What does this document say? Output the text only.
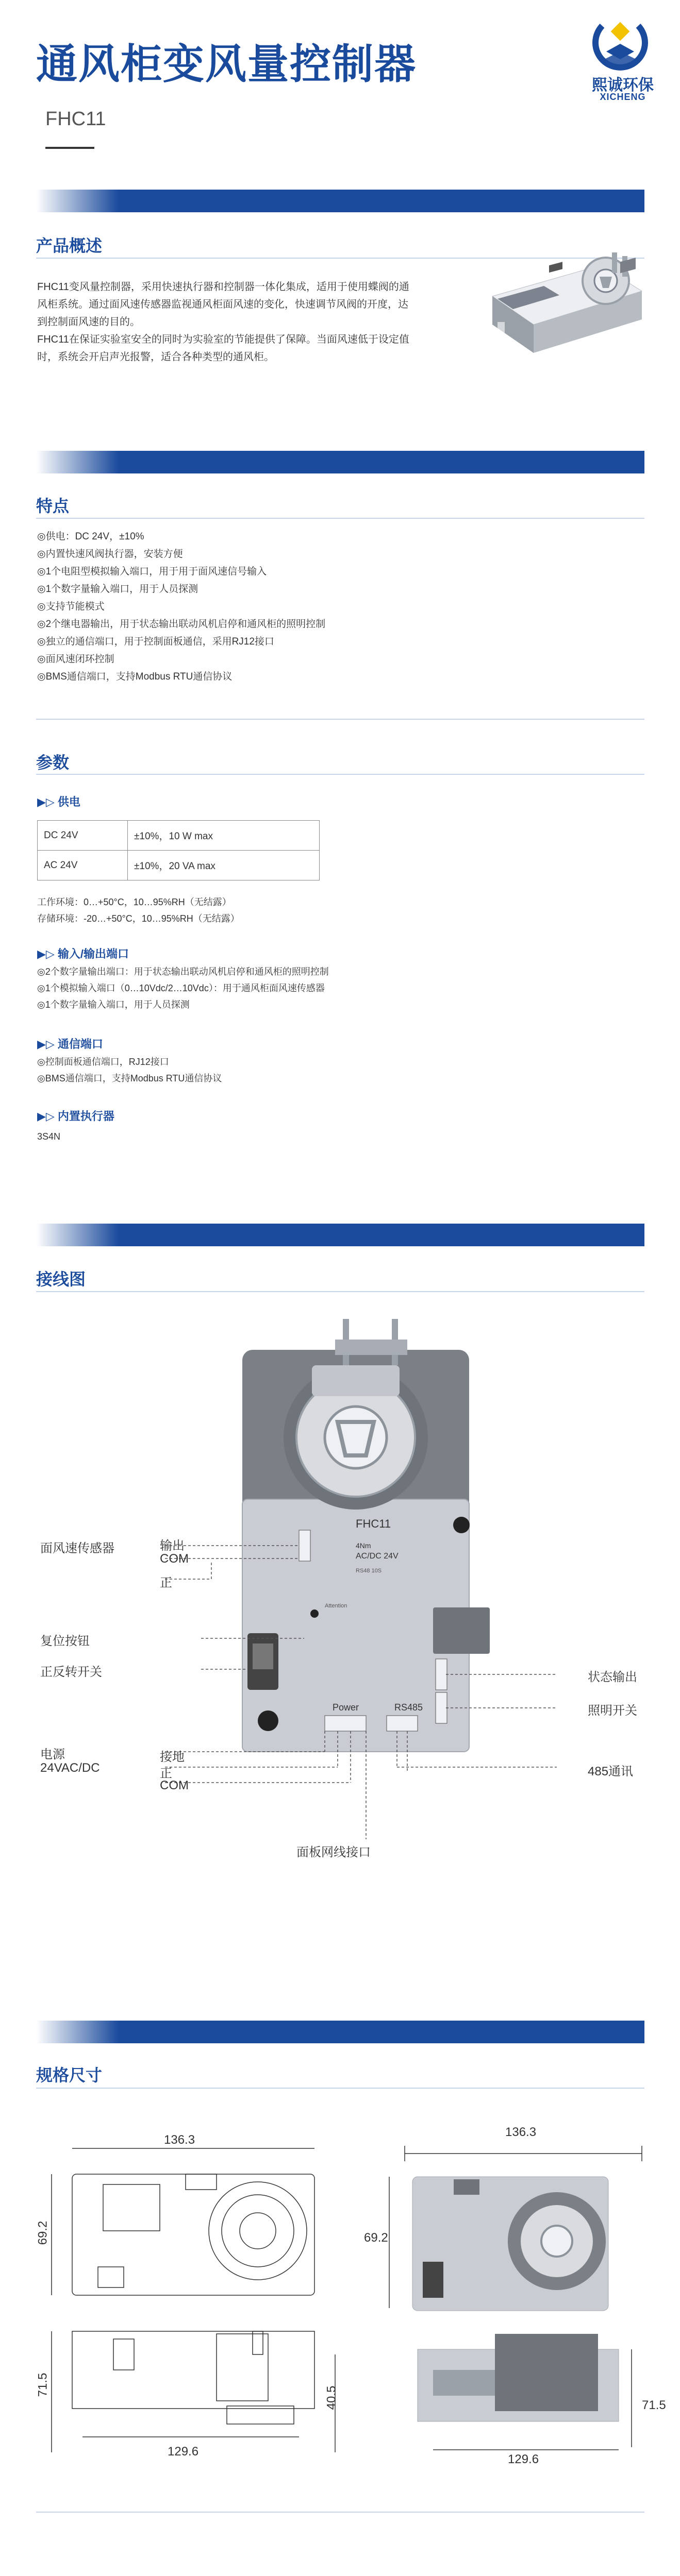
通风柜变风量控制器
FHC11
熙诚环保
XICHENG
产品概述
FHC11变风量控制器，采用快速执行器和控制器一体化集成，适用于使用蝶阀的通
风柜系统。通过面风速传感器监视通风柜面风速的变化，快速调节风阀的开度，达
到控制面风速的目的。
FHC11在保证实验室安全的同时为实验室的节能提供了保障。当面风速低于设定值
时，系统会开启声光报警，适合各种类型的通风柜。
特点
◎供电：DC 24V，±10%
◎内置快速风阀执行器，安装方便
◎1个电阻型模拟输入端口，用于用于面风速信号输入
◎1个数字量输入端口，用于人员探测
◎支持节能模式
◎2个继电器输出，用于状态输出联动风机启停和通风柜的照明控制
◎独立的通信端口，用于控制面板通信，采用RJ12接口
◎面风速闭环控制
◎BMS通信端口，支持Modbus RTU通信协议
参数
▶▷ 供电
DC 24V	±10%，10 W max
AC 24V	±10%，20 VA max
工作环境：0…+50°C，10…95%RH（无结露）
存储环境：-20…+50°C，10…95%RH（无结露）
▶▷ 输入/输出端口
◎2个数字量输出端口：用于状态输出联动风机启停和通风柜的照明控制
◎1个模拟输入端口（0…10Vdc/2…10Vdc）：用于通风柜面风速传感器
◎1个数字量输入端口，用于人员探测
▶▷ 通信端口
◎控制面板通信端口，RJ12接口
◎BMS通信端口，支持Modbus RTU通信协议
▶▷ 内置执行器
3S4N
接线图
FHC11
4Nm
AC/DC 24V
RS48 10S
Attention
Power	RS485
面风速传感器	输出
COM
正
复位按钮
正反转开关
电源
24VAC/DC
接地
正
COM
状态输出
照明开关
485通讯
面板网线接口
规格尺寸
136.3
69.2
71.5
40.5
129.6
136.3
69.2
71.5
129.6
